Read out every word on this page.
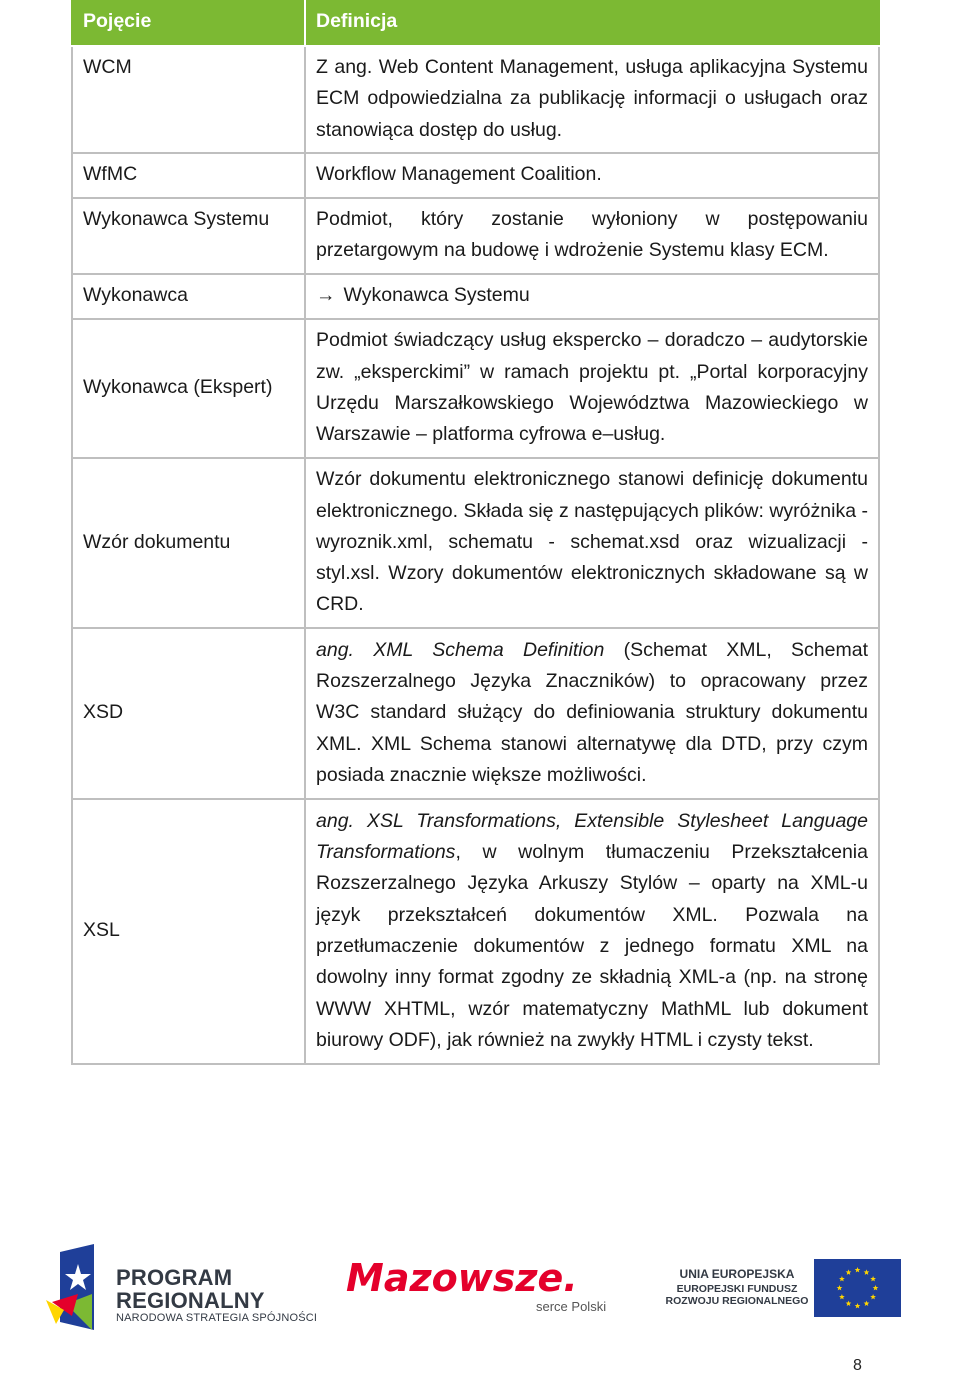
Pojęcie	Definicja
WCM	Z ang. Web Content Management, usługa aplikacyjna Systemu ECM odpowiedzialna za publikację informacji o usługach oraz stanowiąca dostęp do usług.
WfMC	Workflow Management Coalition.
Wykonawca Systemu	Podmiot, który zostanie wyłoniony w postępowaniu przetargowym na budowę i wdrożenie Systemu klasy ECM.
Wykonawca	→ Wykonawca Systemu
Wykonawca (Ekspert)	Podmiot świadczący usług ekspercko – doradczo – audytorskie zw. „eksperckimi” w ramach projektu pt. „Portal korporacyjny Urzędu Marszałkowskiego Województwa Mazowieckiego w Warszawie – platforma cyfrowa e–usług.
Wzór dokumentu	Wzór dokumentu elektronicznego stanowi definicję dokumentu elektronicznego. Składa się z następujących plików: wyróżnika - wyroznik.xml, schematu - schemat.xsd oraz wizualizacji - styl.xsl. Wzory dokumentów elektronicznych składowane są w CRD.
XSD	ang. XML Schema Definition (Schemat XML, Schemat Rozszerzalnego Języka Znaczników) to opracowany przez W3C standard służący do definiowania struktury dokumentu XML. XML Schema stanowi alternatywę dla DTD, przy czym posiada znacznie większe możliwości.
XSL	ang. XSL Transformations, Extensible Stylesheet Language Transformations, w wolnym tłumaczeniu Przekształcenia Rozszerzalnego Języka Arkuszy Stylów – oparty na XML-u język przekształceń dokumentów XML. Pozwala na przetłumaczenie dokumentów z jednego formatu XML na dowolny inny format zgodny ze składnią XML-a (np. na stronę WWW XHTML, wzór matematyczny MathML lub dokument biurowy ODF), jak również na zwykły HTML i czysty tekst.
PROGRAM
REGIONALNY
NARODOWA STRATEGIA SPÓJNOŚCI
Mazowsze.
serce Polski
UNIA EUROPEJSKA
EUROPEJSKI FUNDUSZ
ROZWOJU REGIONALNEGO
8
